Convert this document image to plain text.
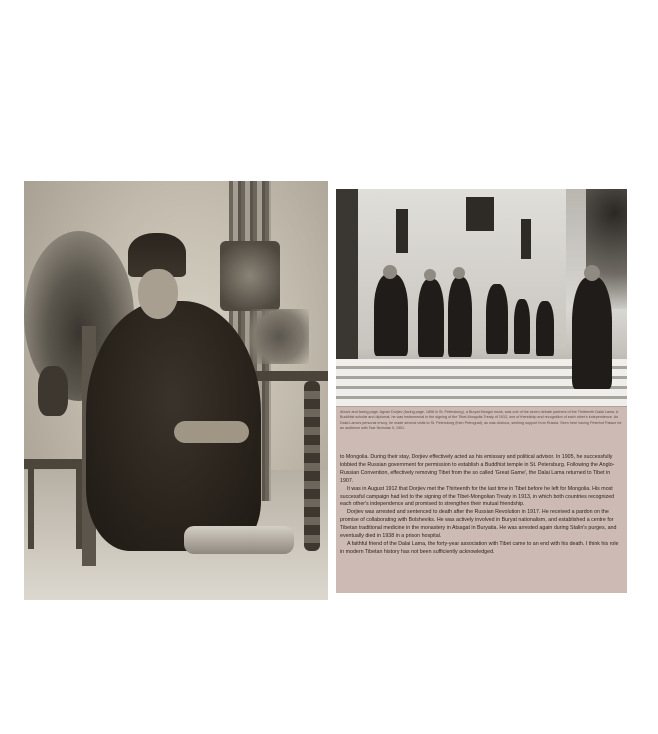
Above and facing page: Agvan Dorjiev (facing page, 1898 in St. Petersburg), a Buryat Mongol monk, was one of the seven debate partners of the Thirteenth Dalai Lama. A Buddhist scholar and diplomat, he was instrumental in the signing of the Tibet-Mongolia Treaty of 1913, one of friendship and recognition of each other's independence. As Dalai Lama's personal envoy, he made several visits to St. Petersburg (then Petrograd), as was obvious, seeking support from Russia. Seen here having Peterhof Palace for an audience with Tsar Nicholas II, 1901.

to Mongolia. During their stay, Dorjiev effectively acted as his emissary and political advisor. In 1905, he successfully lobbied the Russian government for permission to establish a Buddhist temple in St. Petersburg. Following the Anglo-Russian Convention, effectively removing Tibet from the so called 'Great Game', the Dalai Lama returned to Tibet in 1907.

It was in August 1912 that Dorjiev met the Thirteenth for the last time in Tibet before he left for Mongolia. His most successful campaign had led to the signing of the Tibet-Mongolian Treaty in 1913, in which both countries recognized each other's independence and promised to strengthen their mutual friendship.

Dorjiev was arrested and sentenced to death after the Russian Revolution in 1917. He received a pardon on the promise of collaborating with Bolsheviks. He was actively involved in Buryat nationalism, and established a centre for Tibetan traditional medicine in the monastery in Atsagat in Buryatia. He was arrested again during Stalin's purges, and eventually died in 1938 in a prison hospital.

A faithful friend of the Dalai Lama, the forty-year association with Tibet came to an end with his death. I think his role in modern Tibetan history has not been sufficiently acknowledged.
